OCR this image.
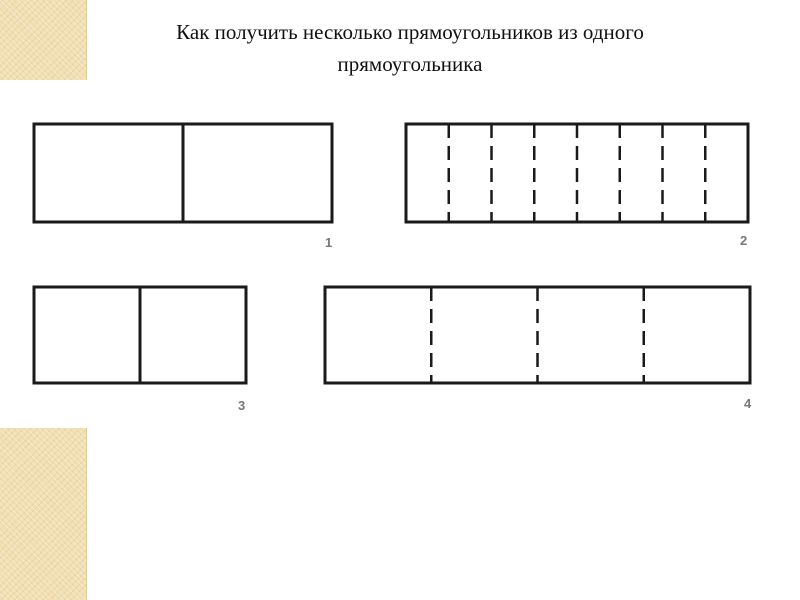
Как получить несколько прямоугольников из одного
прямоугольника
1	2
3	4
